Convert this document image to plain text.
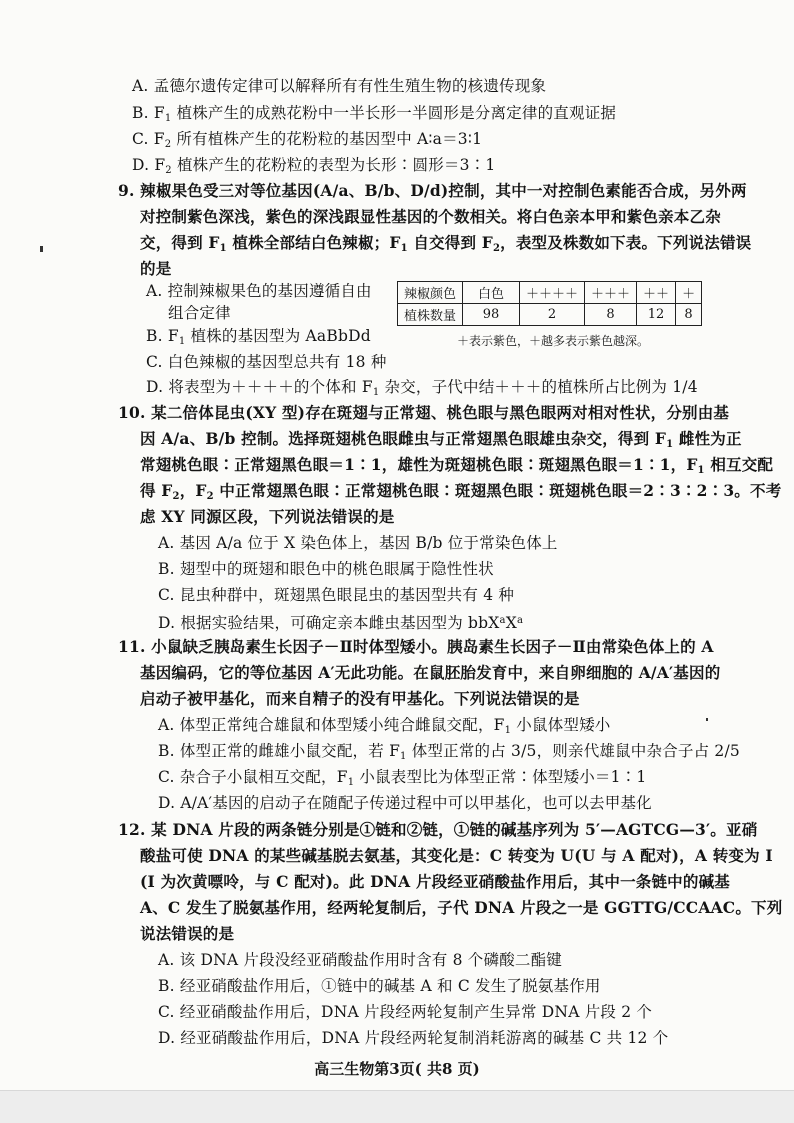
A. 孟德尔遗传定律可以解释所有有性生殖生物的核遗传现象
B. $F_1$ 植株产生的成熟花粉中一半长形一半圆形是分离定律的直观证据
C. $F_2$ 所有植株产生的花粉粒的基因型中 A∶a＝3∶1
D. $F_2$ 植株产生的花粉粒的表型为长形∶圆形＝3∶1
9. 辣椒果色受三对等位基因(A/a、B/b、D/d)控制，其中一对控制色素能否合成，另外两
对控制紫色深浅，紫色的深浅跟显性基因的个数相关。将白色亲本甲和紫色亲本乙杂
交，得到 $F_1$ 植株全部结白色辣椒；$F_1$ 自交得到 $F_2$，表型及株数如下表。下列说法错误
的是
A. 控制辣椒果色的基因遵循自由
组合定律
B. $F_1$ 植株的基因型为 AaBbDd
C. 白色辣椒的基因型总共有 18 种
D. 将表型为＋＋＋＋的个体和 $F_1$ 杂交，子代中结＋＋＋的植株所占比例为 1/4
辣椒颜色	白色	＋＋＋＋	＋＋＋	＋＋	＋
植株数量	98	2	8	12	8
＋表示紫色，＋越多表示紫色越深。
10. 某二倍体昆虫(XY 型)存在斑翅与正常翅、桃色眼与黑色眼两对相对性状，分别由基
因 A/a、B/b 控制。选择斑翅桃色眼雌虫与正常翅黑色眼雄虫杂交，得到 $F_1$ 雌性为正
常翅桃色眼∶正常翅黑色眼＝1∶1，雄性为斑翅桃色眼∶斑翅黑色眼＝1∶1，$F_1$ 相互交配
得 $F_2$，$F_2$ 中正常翅黑色眼∶正常翅桃色眼∶斑翅黑色眼∶斑翅桃色眼＝2∶3∶2∶3。不考
虑 XY 同源区段，下列说法错误的是
A. 基因 A/a 位于 X 染色体上，基因 B/b 位于常染色体上
B. 翅型中的斑翅和眼色中的桃色眼属于隐性性状
C. 昆虫种群中，斑翅黑色眼昆虫的基因型共有 4 种
D. 根据实验结果，可确定亲本雌虫基因型为 $bbX^aX^a$
11. 小鼠缺乏胰岛素生长因子－Ⅱ时体型矮小。胰岛素生长因子－Ⅱ由常染色体上的 A
基因编码，它的等位基因 A′无此功能。在鼠胚胎发育中，来自卵细胞的 A/A′基因的
启动子被甲基化，而来自精子的没有甲基化。下列说法错误的是
A. 体型正常纯合雄鼠和体型矮小纯合雌鼠交配，$F_1$ 小鼠体型矮小
B. 体型正常的雌雄小鼠交配，若 $F_1$ 体型正常的占 3/5，则亲代雄鼠中杂合子占 2/5
C. 杂合子小鼠相互交配，$F_1$ 小鼠表型比为体型正常∶体型矮小＝1∶1
D. A/A′基因的启动子在随配子传递过程中可以甲基化，也可以去甲基化
12. 某 DNA 片段的两条链分别是①链和②链，①链的碱基序列为 5′—AGTCG—3′。亚硝
酸盐可使 DNA 的某些碱基脱去氨基，其变化是：C 转变为 U(U 与 A 配对)，A 转变为 I
(I 为次黄嘌呤，与 C 配对)。此 DNA 片段经亚硝酸盐作用后，其中一条链中的碱基
A、C 发生了脱氨基作用，经两轮复制后，子代 DNA 片段之一是 GGTTG/CCAAC。下列
说法错误的是
A. 该 DNA 片段没经亚硝酸盐作用时含有 8 个磷酸二酯键
B. 经亚硝酸盐作用后，①链中的碱基 A 和 C 发生了脱氨基作用
C. 经亚硝酸盐作用后，DNA 片段经两轮复制产生异常 DNA 片段 2 个
D. 经亚硝酸盐作用后，DNA 片段经两轮复制消耗游离的碱基 C 共 12 个
高三生物第3页( 共8 页)
